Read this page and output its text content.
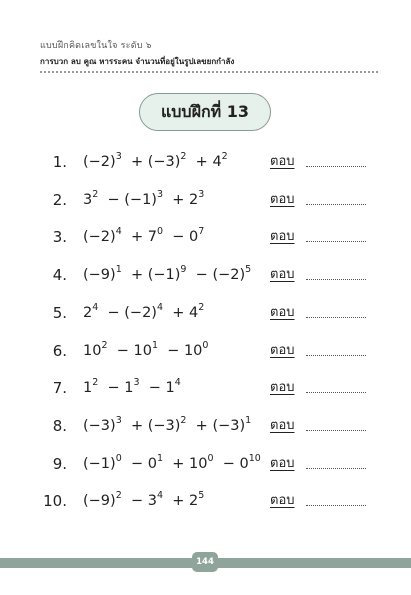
แบบฝึกคิดเลขในใจ ระดับ ๖
การบวก ลบ คูณ หารระคน จำนวนที่อยู่ในรูปเลขยกกำลัง
แบบฝึกที่ 13
1. $(-2)^3 + (-3)^2 + 4^2$	ตอบ
2. $3^2 - (-1)^3 + 2^3$	ตอบ
3. $(-2)^4 + 7^0 - 0^7$	ตอบ
4. $(-9)^1 + (-1)^9 - (-2)^5$ ตอบ
5. $2^4 - (-2)^4 + 4^2$	ตอบ
6. $10^2 - 10^1 - 10^0$	ตอบ
7. $1^2 - 1^3 - 1^4$	ตอบ
8. $(-3)^3 + (-3)^2 + (-3)^1$ ตอบ
9. $(-1)^0 - 0^1 + 10^0 - 0^{10}$ ตอบ
10. $(-9)^2 - 3^4 + 2^5$	ตอบ
144
